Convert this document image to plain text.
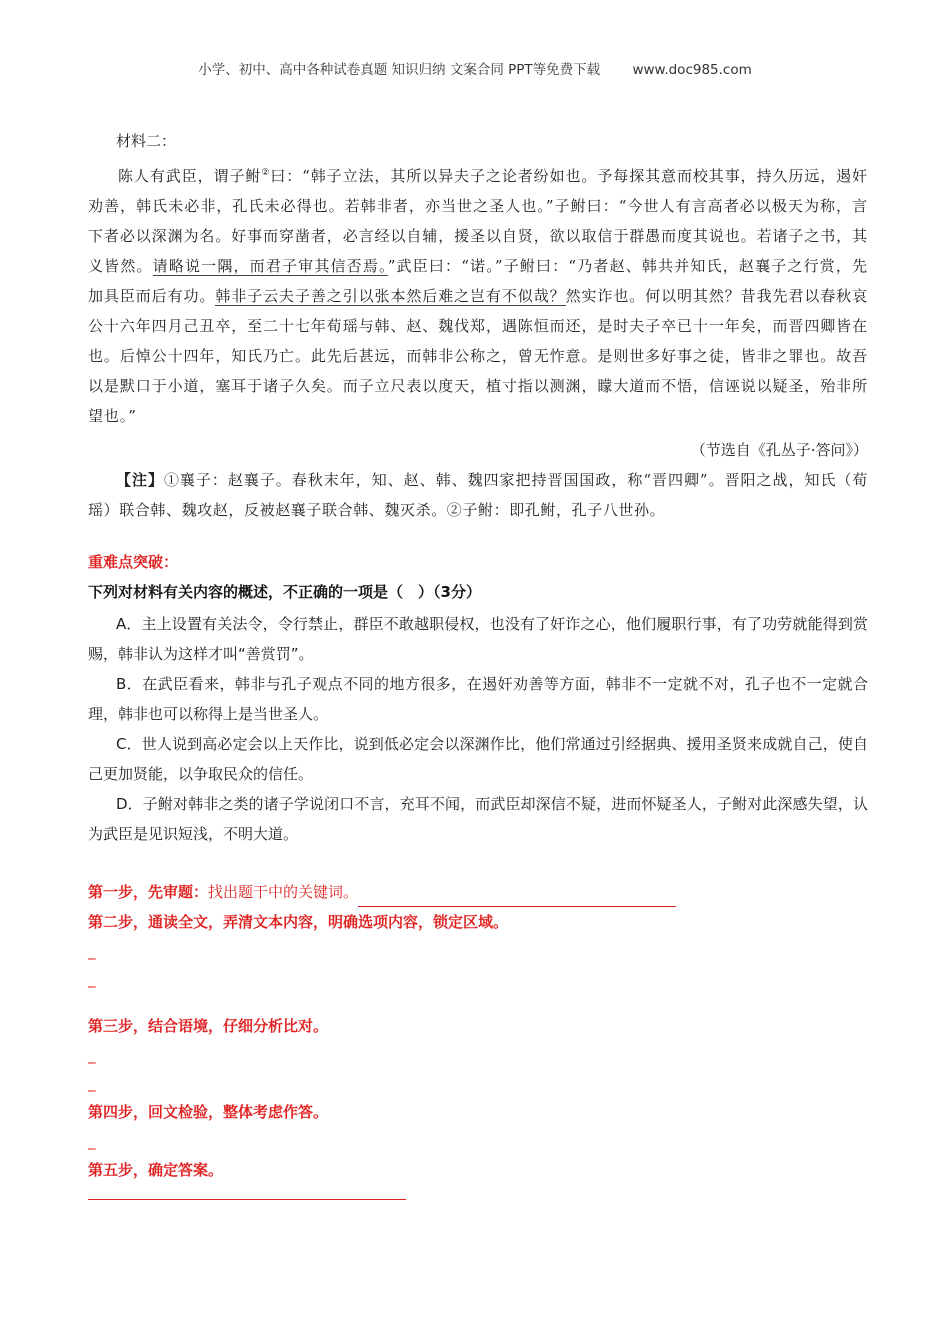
小学、初中、高中各种试卷真题 知识归纳 文案合同 PPT等免费下载 www.doc985.com
材料二：

陈人有武臣，谓子鲋②曰：“韩子立法，其所以异夫子之论者纷如也。予每探其意而校其事，持久历远，遏奸劝善，韩氏未必非，孔氏未必得也。若韩非者，亦当世之圣人也。”子鲋曰：“今世人有言高者必以极天为称，言下者必以深渊为名。好事而穿凿者，必言经以自辅，援圣以自贤，欲以取信于群愚而度其说也。若诸子之书，其义皆然。请略说一隅，而君子审其信否焉。”武臣曰：“诺。”子鲋曰：“乃者赵、韩共并知氏，赵襄子之行赏，先加具臣而后有功。韩非子云夫子善之引以张本然后难之岂有不似哉？然实诈也。何以明其然？昔我先君以春秋哀公十六年四月己丑卒，至二十七年荀瑶与韩、赵、魏伐郑，遇陈恒而还，是时夫子卒已十一年矣，而晋四卿皆在也。后悼公十四年，知氏乃亡。此先后甚远，而韩非公称之，曾无怍意。是则世多好事之徒，皆非之罪也。故吾以是默口于小道，塞耳于诸子久矣。而子立尺表以度天，植寸指以测渊，矇大道而不悟，信诬说以疑圣，殆非所望也。”

（节选自《孔丛子·答问》）

【注】①襄子：赵襄子。春秋末年，知、赵、韩、魏四家把持晋国国政，称“晋四卿”。晋阳之战，知氏（荀瑶）联合韩、魏攻赵，反被赵襄子联合韩、魏灭杀。②子鲋：即孔鲋，孔子八世孙。

重难点突破：
下列对材料有关内容的概述，不正确的一项是（　）（3分）

A．主上设置有关法令，令行禁止，群臣不敢越职侵权，也没有了奸诈之心，他们履职行事，有了功劳就能得到赏赐，韩非认为这样才叫“善赏罚”。

B．在武臣看来，韩非与孔子观点不同的地方很多，在遏奸劝善等方面，韩非不一定就不对，孔子也不一定就合理，韩非也可以称得上是当世圣人。

C．世人说到高必定会以上天作比，说到低必定会以深渊作比，他们常通过引经据典、援用圣贤来成就自己，使自己更加贤能，以争取民众的信任。

D．子鲋对韩非之类的诸子学说闭口不言，充耳不闻，而武臣却深信不疑，进而怀疑圣人，子鲋对此深感失望，认为武臣是见识短浅，不明大道。

第一步，先审题：找出题干中的关键词。

第二步，通读全文，弄清文本内容，明确选项内容，锁定区域。

_

_

第三步，结合语境，仔细分析比对。

_

_

第四步，回文检验，整体考虑作答。

_

第五步，确定答案。
